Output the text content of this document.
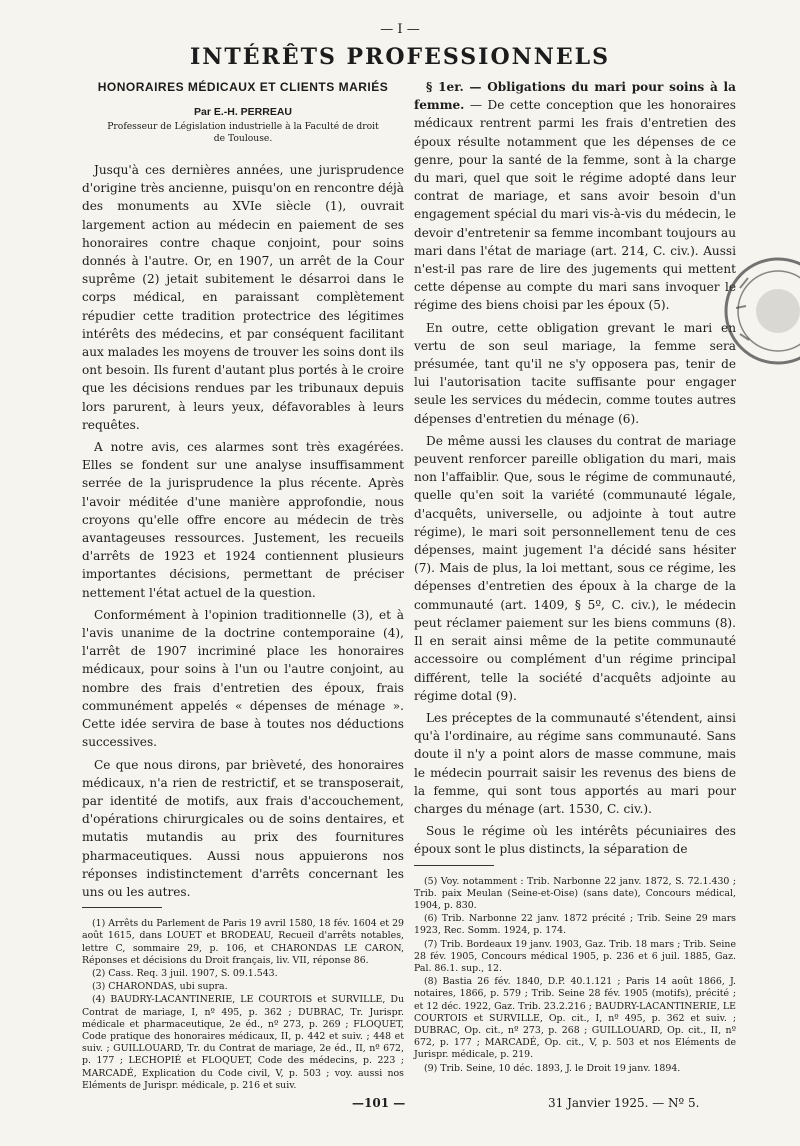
— I —
INTÉRÊTS PROFESSIONNELS
HONORAIRES MÉDICAUX ET CLIENTS MARIÉS
Par E.-H. PERREAU
Professeur de Législation industrielle à la Faculté de droit
de Toulouse.

Jusqu'à ces dernières années, une jurisprudence d'origine très ancienne, puisqu'on en rencontre déjà des monuments au XVIe siècle (1), ouvrait largement action au médecin en paiement de ses honoraires contre chaque conjoint, pour soins donnés à l'autre. Or, en 1907, un arrêt de la Cour suprême (2) jetait subitement le désarroi dans le corps médical, en paraissant complètement répudier cette tradition protectrice des légitimes intérêts des médecins, et par conséquent facilitant aux malades les moyens de trouver les soins dont ils ont besoin. Ils furent d'autant plus portés à le croire que les décisions rendues par les tribunaux depuis lors parurent, à leurs yeux, défavorables à leurs requêtes.

A notre avis, ces alarmes sont très exagérées. Elles se fondent sur une analyse insuffisamment serrée de la jurisprudence la plus récente. Après l'avoir méditée d'une manière approfondie, nous croyons qu'elle offre encore au médecin de très avantageuses ressources. Justement, les recueils d'arrêts de 1923 et 1924 contiennent plusieurs importantes décisions, permettant de préciser nettement l'état actuel de la question.

Conformément à l'opinion traditionnelle (3), et à l'avis unanime de la doctrine contemporaine (4), l'arrêt de 1907 incriminé place les honoraires médicaux, pour soins à l'un ou l'autre conjoint, au nombre des frais d'entretien des époux, frais communément appelés « dépenses de ménage ». Cette idée servira de base à toutes nos déductions successives.

Ce que nous dirons, par brièveté, des honoraires médicaux, n'a rien de restrictif, et se transposerait, par identité de motifs, aux frais d'accouchement, d'opérations chirurgicales ou de soins dentaires, et mutatis mutandis au prix des fournitures pharmaceutiques. Aussi nous appuierons nos réponses indistinctement d'arrêts concernant les uns ou les autres.

(1) Arrêts du Parlement de Paris 19 avril 1580, 18 fév. 1604 et 29 août 1615, dans LOUET et BRODEAU, Recueil d'arrêts notables, lettre C, sommaire 29, p. 106, et CHARONDAS LE CARON, Réponses et décisions du Droit français, liv. VII, réponse 86.

(2) Cass. Req. 3 juil. 1907, S. 09.1.543.

(3) CHARONDAS, ubi supra.

(4) BAUDRY-LACANTINERIE, LE COURTOIS et SURVILLE, Du Contrat de mariage, I, nº 495, p. 362 ; DUBRAC, Tr. Jurispr. médicale et pharmaceutique, 2e éd., nº 273, p. 269 ; FLOQUET, Code pratique des honoraires médicaux, II, p. 442 et suiv. ; 448 et suiv. ; GUILLOUARD, Tr. du Contrat de mariage, 2e éd., II, nº 672, p. 177 ; LECHOPIÉ et FLOQUET, Code des médecins, p. 223 ; MARCADÉ, Explication du Code civil, V, p. 503 ; voy. aussi nos Eléments de Jurispr. médicale, p. 216 et suiv.

§ 1er. — Obligations du mari pour soins à la femme. — De cette conception que les honoraires médicaux rentrent parmi les frais d'entretien des époux résulte notamment que les dépenses de ce genre, pour la santé de la femme, sont à la charge du mari, quel que soit le régime adopté dans leur contrat de mariage, et sans avoir besoin d'un engagement spécial du mari vis-à-vis du médecin, le devoir d'entretenir sa femme incombant toujours au mari dans l'état de mariage (art. 214, C. civ.). Aussi n'est-il pas rare de lire des jugements qui mettent cette dépense au compte du mari sans invoquer le régime des biens choisi par les époux (5).

En outre, cette obligation grevant le mari en vertu de son seul mariage, la femme sera présumée, tant qu'il ne s'y opposera pas, tenir de lui l'autorisation tacite suffisante pour engager seule les services du médecin, comme toutes autres dépenses d'entretien du ménage (6).

De même aussi les clauses du contrat de mariage peuvent renforcer pareille obligation du mari, mais non l'affaiblir. Que, sous le régime de communauté, quelle qu'en soit la variété (communauté légale, d'acquêts, universelle, ou adjointe à tout autre régime), le mari soit personnellement tenu de ces dépenses, maint jugement l'a décidé sans hésiter (7). Mais de plus, la loi mettant, sous ce régime, les dépenses d'entretien des époux à la charge de la communauté (art. 1409, § 5º, C. civ.), le médecin peut réclamer paiement sur les biens communs (8). Il en serait ainsi même de la petite communauté accessoire ou complément d'un régime principal différent, telle la société d'acquêts adjointe au régime dotal (9).

Les préceptes de la communauté s'étendent, ainsi qu'à l'ordinaire, au régime sans communauté. Sans doute il n'y a point alors de masse commune, mais le médecin pourrait saisir les revenus des biens de la femme, qui sont tous apportés au mari pour charges du ménage (art. 1530, C. civ.).

Sous le régime où les intérêts pécuniaires des époux sont le plus distincts, la séparation de

(5) Voy. notamment : Trib. Narbonne 22 janv. 1872, S. 72.1.430 ; Trib. paix Meulan (Seine-et-Oise) (sans date), Concours médical, 1904, p. 830.

(6) Trib. Narbonne 22 janv. 1872 précité ; Trib. Seine 29 mars 1923, Rec. Somm. 1924, p. 174.

(7) Trib. Bordeaux 19 janv. 1903, Gaz. Trib. 18 mars ; Trib. Seine 28 fév. 1905, Concours médical 1905, p. 236 et 6 juil. 1885, Gaz. Pal. 86.1. sup., 12.

(8) Bastia 26 fév. 1840, D.P. 40.1.121 ; Paris 14 août 1866, J. notaires, 1866, p. 579 ; Trib. Seine 28 fév. 1905 (motifs), précité ; et 12 déc. 1922, Gaz. Trib. 23.2.216 ; BAUDRY-LACANTINERIE, LE COURTOIS et SURVILLE, Op. cit., I, nº 495, p. 362 et suiv. ; DUBRAC, Op. cit., nº 273, p. 268 ; GUILLOUARD, Op. cit., II, nº 672, p. 177 ; MARCADÉ, Op. cit., V, p. 503 et nos Eléments de Jurispr. médicale, p. 219.

(9) Trib. Seine, 10 déc. 1893, J. le Droit 19 janv. 1894.

—101 —	31 Janvier 1925. — Nº 5.
